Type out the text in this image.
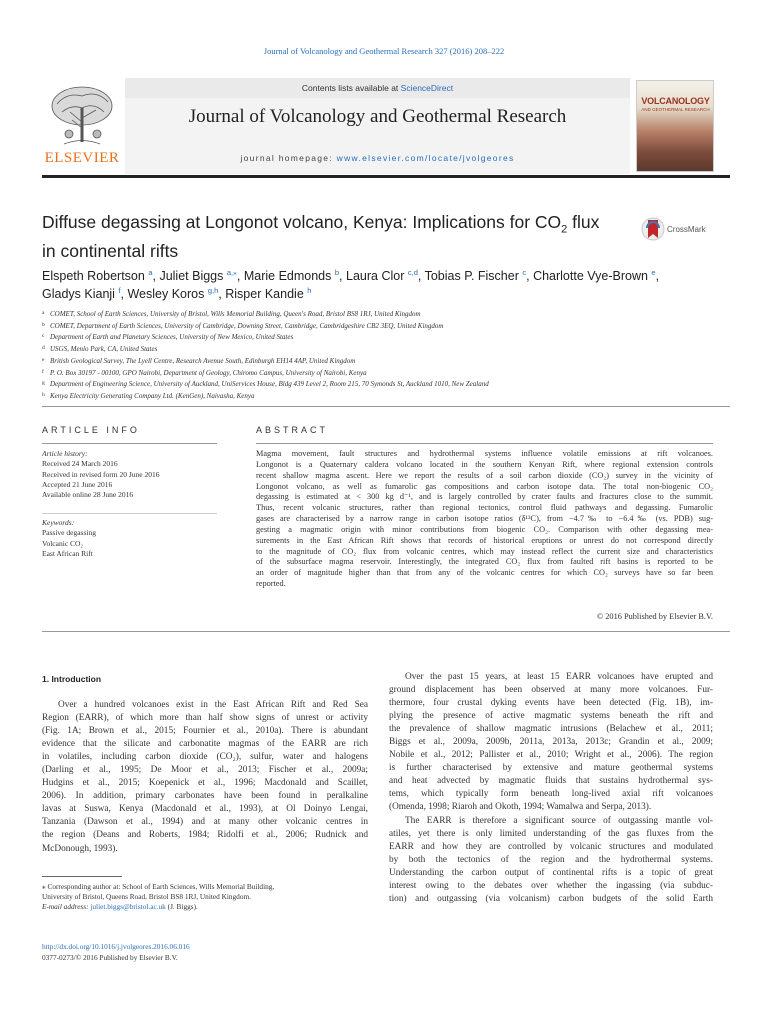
Journal of Volcanology and Geothermal Research 327 (2016) 208–222
ELSEVIER
Contents lists available at ScienceDirect
Journal of Volcanology and Geothermal Research
journal homepage: www.elsevier.com/locate/jvolgeores
VOLCANOLOGY
AND GEOTHERMAL RESEARCH
Diffuse degassing at Longonot volcano, Kenya: Implications for $CO_2$ flux
in continental rifts
CrossMark
Elspeth Robertson $^a$, Juliet Biggs $^{a,⁎}$, Marie Edmonds $^b$, Laura Clor $^{c,d}$, Tobias P. Fischer $^c$, Charlotte Vye-Brown $^e$,
Gladys Kianji $^f$, Wesley Koros $^{g,h}$, Risper Kandie $^h$
a COMET, School of Earth Sciences, University of Bristol, Wills Memorial Building, Queen's Road, Bristol BS8 1RJ, United Kingdom
b COMET, Department of Earth Sciences, University of Cambridge, Downing Street, Cambridge, Cambridgeshire CB2 3EQ, United Kingdom
c Department of Earth and Planetary Sciences, University of New Mexico, United States
d USGS, Menlo Park, CA, United States
e British Geological Survey, The Lyell Centre, Research Avenue South, Edinburgh EH14 4AP, United Kingdom
f P. O. Box 30197 - 00100, GPO Nairobi, Department of Geology, Chiromo Campus, University of Nairobi, Kenya
g Department of Engineering Science, University of Auckland, UniServices House, Bldg 439 Level 2, Room 215, 70 Symonds St, Auckland 1010, New Zealand
h Kenya Electricity Generating Company Ltd. (KenGen), Naivasha, Kenya
ARTICLE INFO
Article history:
Received 24 March 2016
Received in revised form 20 June 2016
Accepted 21 June 2016
Available online 28 June 2016
Keywords:
Passive degassing
Volcanic CO₂
East African Rift
ABSTRACT
Magma movement, fault structures and hydrothermal systems influence volatile emissions at rift volcanoes.
Longonot is a Quaternary caldera volcano located in the southern Kenyan Rift, where regional extension controls
recent shallow magma ascent. Here we report the results of a soil carbon dioxide (CO₂) survey in the vicinity of
Longonot volcano, as well as fumarolic gas compositions and carbon isotope data. The total non-biogenic CO₂
degassing is estimated at < 300 kg d⁻¹, and is largely controlled by crater faults and fractures close to the summit.
Thus, recent volcanic structures, rather than regional tectonics, control fluid pathways and degassing. Fumarolic
gases are characterised by a narrow range in carbon isotope ratios (δ¹³C), from −4.7‰ to −6.4‰ (vs. PDB) sug-
gesting a magmatic origin with minor contributions from biogenic CO₂. Comparison with other degassing mea-
surements in the East African Rift shows that records of historical eruptions or unrest do not correspond directly
to the magnitude of CO₂ flux from volcanic centres, which may instead reflect the current size and characteristics
of the subsurface magma reservoir. Interestingly, the integrated CO₂ flux from faulted rift basins is reported to be
an order of magnitude higher than that from any of the volcanic centres for which CO₂ surveys have so far been
reported.
© 2016 Published by Elsevier B.V.
1. Introduction
Over a hundred volcanoes exist in the East African Rift and Red Sea
Region (EARR), of which more than half show signs of unrest or activity
(Fig. 1A; Brown et al., 2015; Fournier et al., 2010a). There is abundant
evidence that the silicate and carbonatite magmas of the EARR are rich
in volatiles, including carbon dioxide (CO₂), sulfur, water and halogens
(Darling et al., 1995; De Moor et al., 2013; Fischer et al., 2009a;
Hudgins et al., 2015; Koepenick et al., 1996; Macdonald and Scaillet,
2006). In addition, primary carbonates have been found in peralkaline
lavas at Suswa, Kenya (Macdonald et al., 1993), at Ol Doinyo Lengai,
Tanzania (Dawson et al., 1994) and at many other volcanic centres in
the region (Deans and Roberts, 1984; Ridolfi et al., 2006; Rudnick and
McDonough, 1993).
Over the past 15 years, at least 15 EARR volcanoes have erupted and
ground displacement has been observed at many more volcanoes. Fur-
thermore, four crustal dyking events have been detected (Fig. 1B), im-
plying the presence of active magmatic systems beneath the rift and
the prevalence of shallow magmatic intrusions (Belachew et al., 2011;
Biggs et al., 2009a, 2009b, 2011a, 2013a, 2013c; Grandin et al., 2009;
Nobile et al., 2012; Pallister et al., 2010; Wright et al., 2006). The region
is further characterised by extensive and mature geothermal systems
and heat advected by magmatic fluids that sustains hydrothermal sys-
tems, which typically form beneath long-lived axial rift volcanoes
(Omenda, 1998; Riaroh and Okoth, 1994; Wamalwa and Serpa, 2013).
The EARR is therefore a significant source of outgassing mantle vol-
atiles, yet there is only limited understanding of the gas fluxes from the
EARR and how they are controlled by volcanic structures and modulated
by both the tectonics of the region and the hydrothermal systems.
Understanding the carbon output of continental rifts is a topic of great
interest owing to the debates over whether the ingassing (via subduc-
tion) and outgassing (via volcanism) carbon budgets of the solid Earth
⁎ Corresponding author at: School of Earth Sciences, Wills Memorial Building,
University of Bristol, Queens Road, Bristol BS8 1RJ, United Kingdom.
E-mail address: juliet.biggs@bristol.ac.uk (J. Biggs).
http://dx.doi.org/10.1016/j.jvolgeores.2016.06.016
0377-0273/© 2016 Published by Elsevier B.V.
